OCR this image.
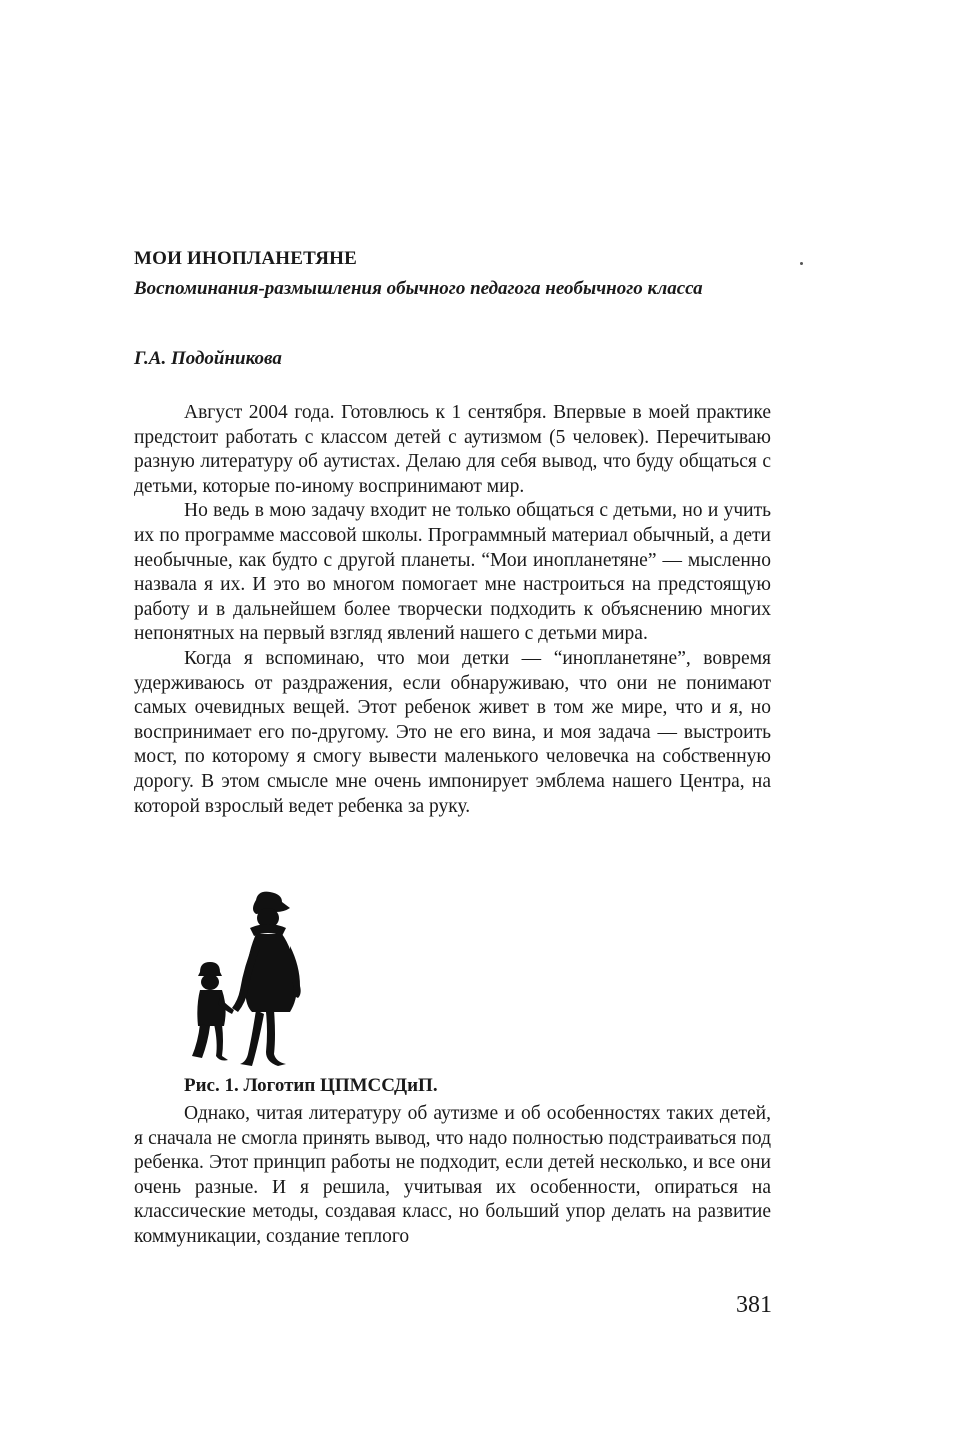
МОИ ИНОПЛАНЕТЯНЕ
Воспоминания-размышления обычного педагога необычного класса
Г.А. Подойникова

Август 2004 года. Готовлюсь к 1 сентября. Впервые в моей практике предстоит работать с классом детей с аутизмом (5 человек). Перечитываю разную литературу об аутистах. Делаю для себя вывод, что буду общаться с детьми, которые по-иному воспринимают мир.

Но ведь в мою задачу входит не только общаться с детьми, но и учить их по программе массовой школы. Программный материал обычный, а дети необычные, как будто с другой планеты. “Мои инопланетяне” — мысленно назвала я их. И это во многом помогает мне настроиться на предстоящую работу и в дальнейшем более творчески подходить к объяснению многих непонятных на первый взгляд явлений нашего с детьми мира.

Когда я вспоминаю, что мои детки — “инопланетяне”, вовремя удерживаюсь от раздражения, если обнаруживаю, что они не понимают самых очевидных вещей. Этот ребенок живет в том же мире, что и я, но воспринимает его по-другому. Это не его вина, и моя задача — выстроить мост, по которому я смогу вывести маленького человечка на собственную дорогу. В этом смысле мне очень импонирует эмблема нашего Центра, на которой взрослый ведет ребенка за руку.

Рис. 1. Логотип ЦПМССДиП.

Однако, читая литературу об аутизме и об особенностях таких детей, я сначала не смогла принять вывод, что надо полностью подстраиваться под ребенка. Этот принцип работы не подходит, если детей несколько, и все они очень разные. И я решила, учитывая их особенности, опираться на классические методы, создавая класс, но больший упор делать на развитие коммуникации, создание теплого

381
